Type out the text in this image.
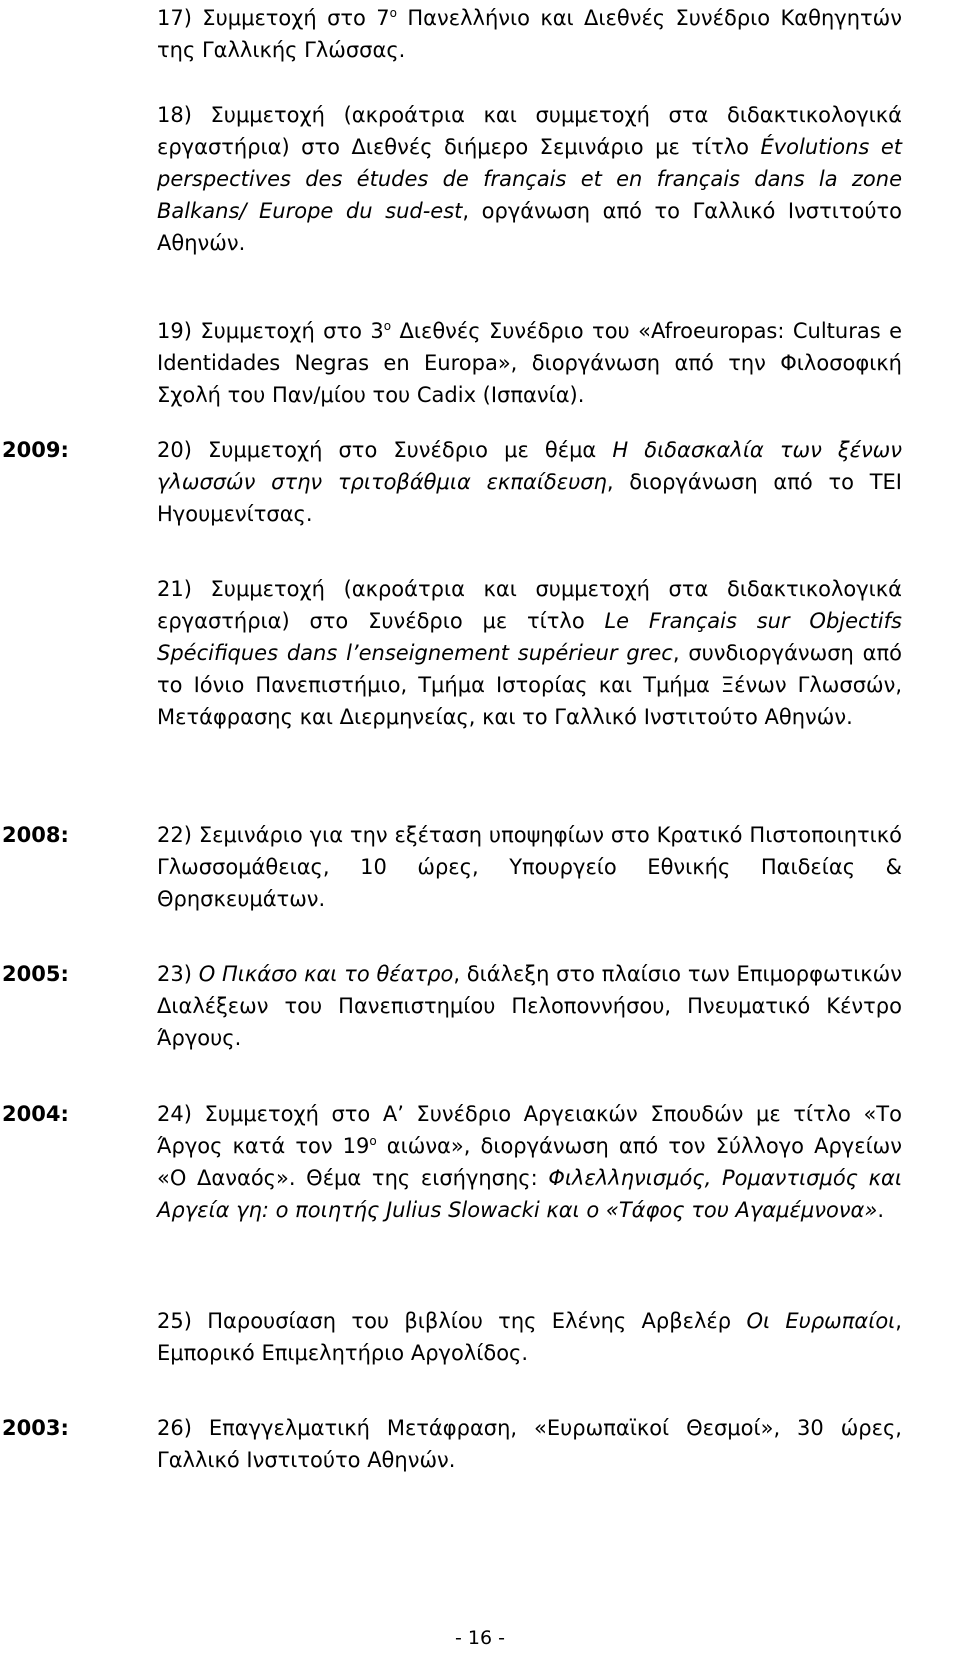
17) Συμμετοχή στο $7^o$ Πανελλήνιο και Διεθνές Συνέδριο Καθηγητών της Γαλλικής Γλώσσας.
18) Συμμετοχή (ακροάτρια και συμμετοχή στα διδακτικολογικά εργαστήρια) στο Διεθνές διήμερο Σεμινάριο με τίτλο Évolutions et perspectives des études de français et en français dans la zone Balkans/ Europe du sud-est, οργάνωση από το Γαλλικό Ινστιτούτο Αθηνών.
19) Συμμετοχή στο $3^o$ Διεθνές Συνέδριο του «Afroeuropas: Culturas e Identidades Negras en Europa», διοργάνωση από την Φιλοσοφική Σχολή του Παν/μίου του Cadix (Ισπανία).
2009:	20) Συμμετοχή στο Συνέδριο με θέμα Η διδασκαλία των ξένων γλωσσών στην τριτοβάθμια εκπαίδευση, διοργάνωση από το ΤΕΙ Ηγουμενίτσας.
21) Συμμετοχή (ακροάτρια και συμμετοχή στα διδακτικολογικά εργαστήρια) στο Συνέδριο με τίτλο Le Français sur Objectifs Spécifiques dans l’enseignement supérieur grec, συνδιοργάνωση από το Ιόνιο Πανεπιστήμιο, Τμήμα Ιστορίας και Τμήμα Ξένων Γλωσσών, Μετάφρασης και Διερμηνείας, και το Γαλλικό Ινστιτούτο Αθηνών.
2008:	22) Σεμινάριο για την εξέταση υποψηφίων στο Κρατικό Πιστοποιητικό Γλωσσομάθειας, 10 ώρες, Υπουργείο Εθνικής Παιδείας & Θρησκευμάτων.
2005:	23) Ο Πικάσο και το θέατρο, διάλεξη στο πλαίσιο των Επιμορφωτικών Διαλέξεων του Πανεπιστημίου Πελοποννήσου, Πνευματικό Κέντρο Άργους.
2004:	24) Συμμετοχή στο Α’ Συνέδριο Αργειακών Σπουδών με τίτλο «Το Άργος κατά τον $19^o$ αιώνα», διοργάνωση από τον Σύλλογο Αργείων «Ο Δαναός». Θέμα της εισήγησης: Φιλελληνισμός, Ρομαντισμός και Αργεία γη: ο ποιητής Julius Slowacki και ο «Τάφος του Αγαμέμνονα».
25) Παρουσίαση του βιβλίου της Ελένης Αρβελέρ Οι Ευρωπαίοι, Εμπορικό Επιμελητήριο Αργολίδος.
2003:	26) Επαγγελματική Μετάφραση, «Ευρωπαϊκοί Θεσμοί», 30 ώρες, Γαλλικό Ινστιτούτο Αθηνών.
- 16 -
